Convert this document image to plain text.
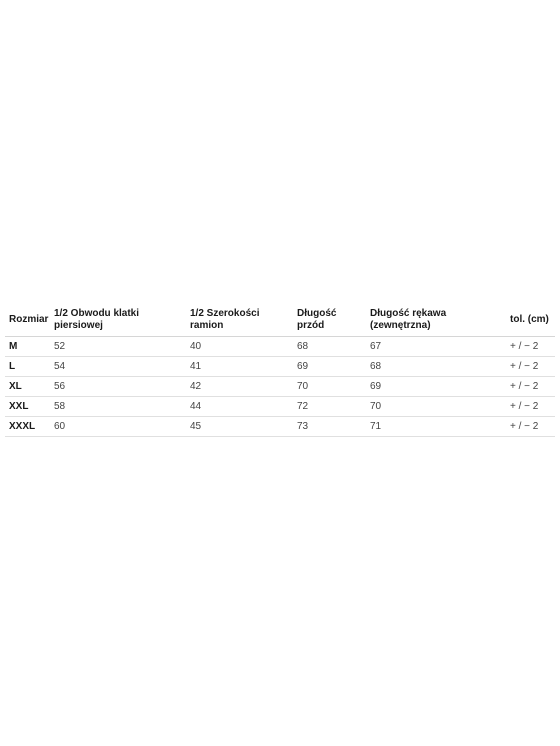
Rozmiar	1/2 Obwodu klatki piersiowej	1/2 Szerokości ramion	Długość przód	Długość rękawa (zewnętrzna)	tol. (cm)
M	52	40	68	67	+ / − 2
L	54	41	69	68	+ / − 2
XL	56	42	70	69	+ / − 2
XXL	58	44	72	70	+ / − 2
XXXL	60	45	73	71	+ / − 2
